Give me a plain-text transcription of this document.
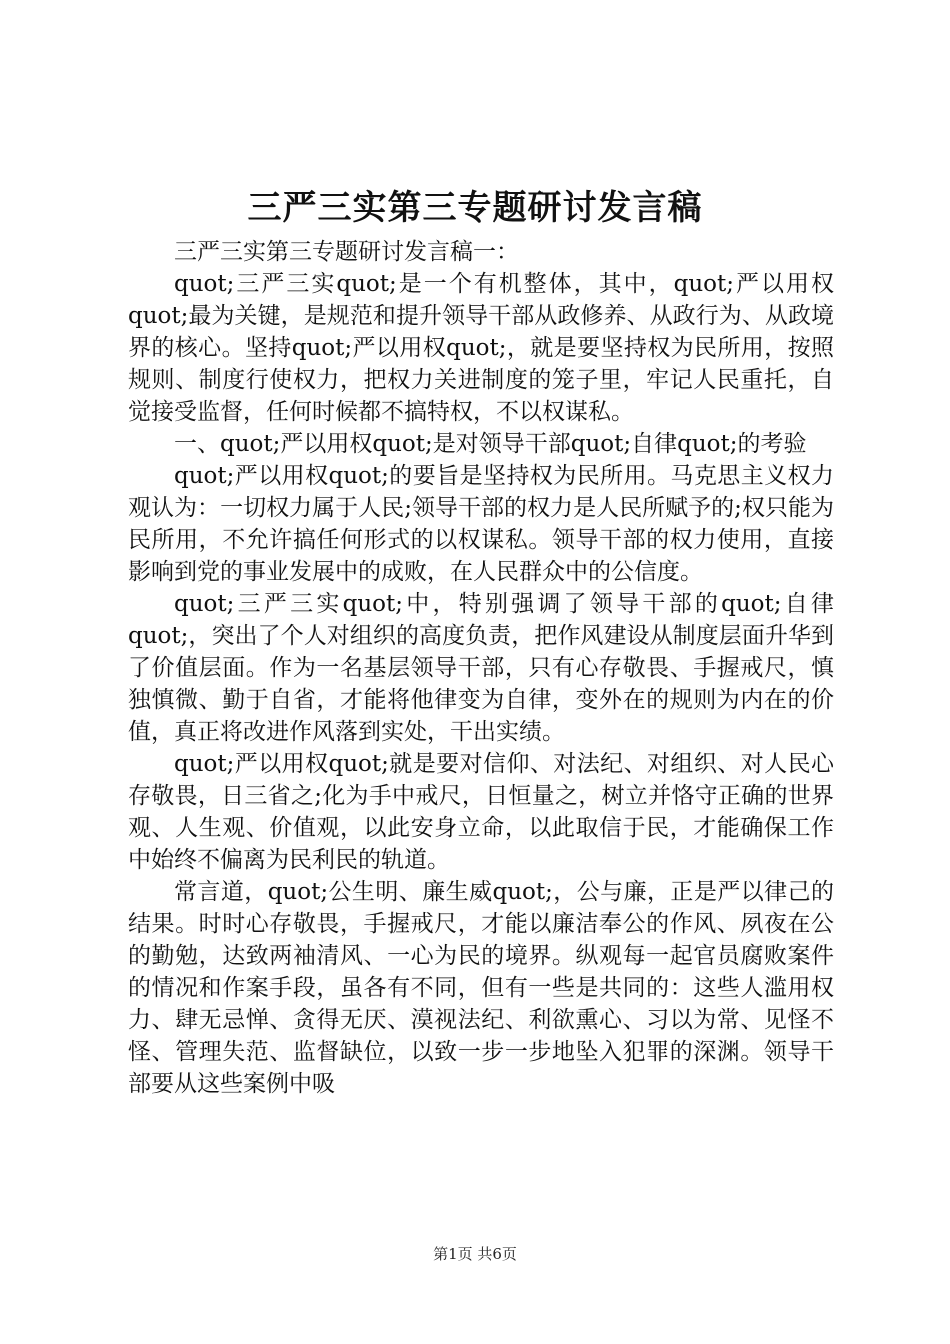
三严三实第三专题研讨发言稿

三严三实第三专题研讨发言稿一：

quot;三严三实quot;是一个有机整体，其中，quot;严以用权quot;最为关键，是规范和提升领导干部从政修养、从政行为、从政境界的核心。坚持quot;严以用权quot;，就是要坚持权为民所用，按照规则、制度行使权力，把权力关进制度的笼子里，牢记人民重托，自觉接受监督，任何时候都不搞特权，不以权谋私。

一、quot;严以用权quot;是对领导干部quot;自律quot;的考验

quot;严以用权quot;的要旨是坚持权为民所用。马克思主义权力观认为：一切权力属于人民;领导干部的权力是人民所赋予的;权只能为民所用，不允许搞任何形式的以权谋私。领导干部的权力使用，直接影响到党的事业发展中的成败，在人民群众中的公信度。

quot;三严三实quot;中，特别强调了领导干部的quot;自律quot;，突出了个人对组织的高度负责，把作风建设从制度层面升华到了价值层面。作为一名基层领导干部，只有心存敬畏、手握戒尺，慎独慎微、勤于自省，才能将他律变为自律，变外在的规则为内在的价值，真正将改进作风落到实处，干出实绩。

quot;严以用权quot;就是要对信仰、对法纪、对组织、对人民心存敬畏，日三省之;化为手中戒尺，日恒量之，树立并恪守正确的世界观、人生观、价值观，以此安身立命，以此取信于民，才能确保工作中始终不偏离为民利民的轨道。

常言道，quot;公生明、廉生威quot;，公与廉，正是严以律己的结果。时时心存敬畏，手握戒尺，才能以廉洁奉公的作风、夙夜在公的勤勉，达致两袖清风、一心为民的境界。纵观每一起官员腐败案件的情况和作案手段，虽各有不同，但有一些是共同的：这些人滥用权力、肆无忌惮、贪得无厌、漠视法纪、利欲熏心、习以为常、见怪不怪、管理失范、监督缺位，以致一步一步地坠入犯罪的深渊。领导干部要从这些案例中吸

第1页 共6页
